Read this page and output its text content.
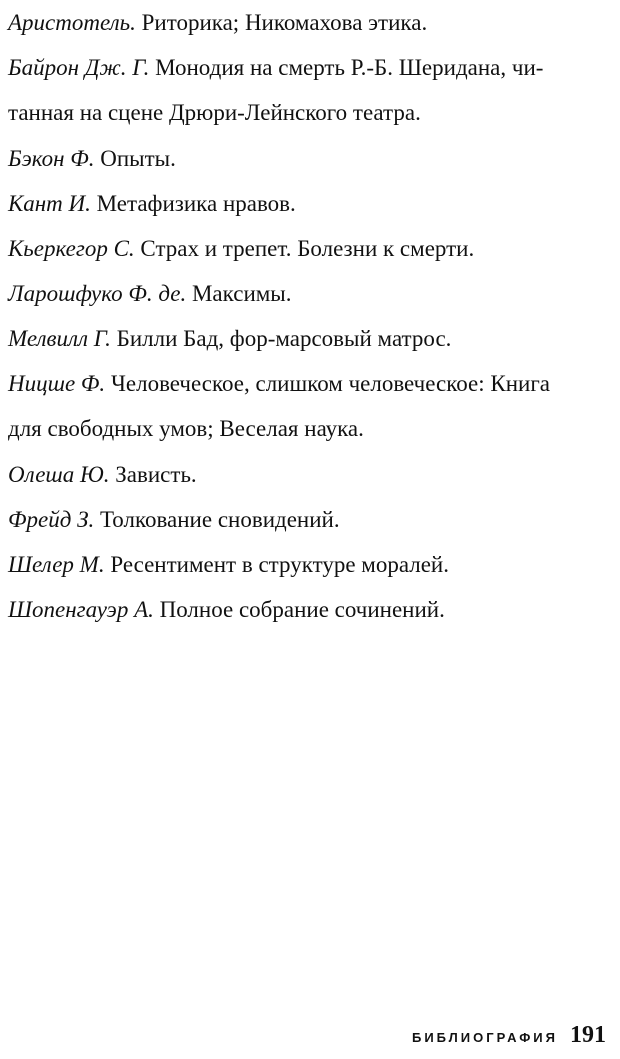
Аристотель. Риторика; Никомахова этика.
Байрон Дж. Г. Монодия на смерть Р.-Б. Шеридана, чи-
танная на сцене Дрюри-Лейнского театра.
Бэкон Ф. Опыты.
Кант И. Метафизика нравов.
Кьеркегор С. Страх и трепет. Болезни к смерти.
Ларошфуко Ф. де. Максимы.
Мелвилл Г. Билли Бад, фор-марсовый матрос.
Ницше Ф. Человеческое, слишком человеческое: Книга
для свободных умов; Веселая наука.
Олеша Ю. Зависть.
Фрейд З. Толкование сновидений.
Шелер М. Ресентимент в структуре моралей.
Шопенгауэр А. Полное собрание сочинений.
БИБЛИОГРАФИЯ 191
